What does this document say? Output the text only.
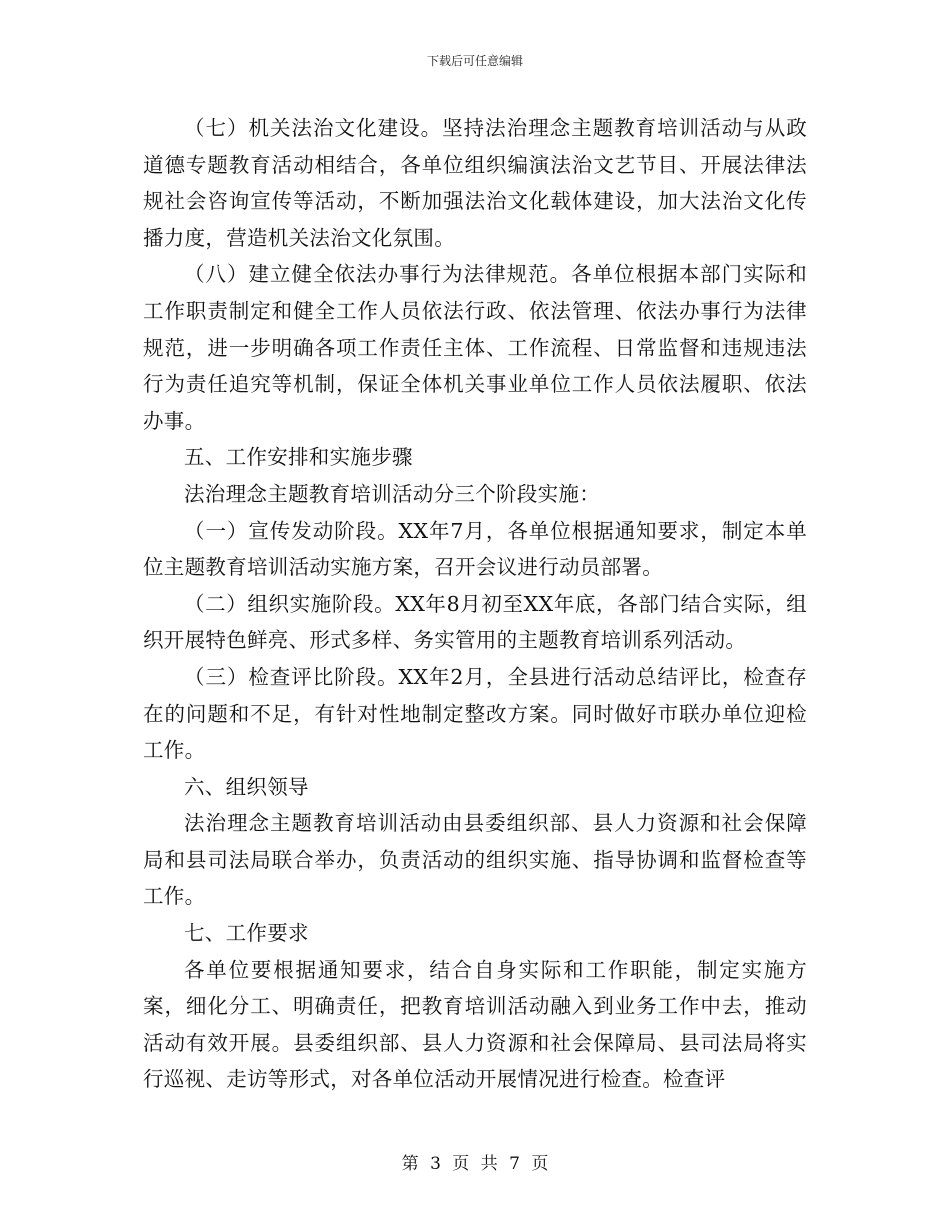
下载后可任意编辑

（七）机关法治文化建设。坚持法治理念主题教育培训活动与从政道德专题教育活动相结合，各单位组织编演法治文艺节目、开展法律法规社会咨询宣传等活动，不断加强法治文化载体建设，加大法治文化传播力度，营造机关法治文化氛围。

（八）建立健全依法办事行为法律规范。各单位根据本部门实际和工作职责制定和健全工作人员依法行政、依法管理、依法办事行为法律规范，进一步明确各项工作责任主体、工作流程、日常监督和违规违法行为责任追究等机制，保证全体机关事业单位工作人员依法履职、依法办事。

五、工作安排和实施步骤

法治理念主题教育培训活动分三个阶段实施：

（一）宣传发动阶段。XX年7月，各单位根据通知要求，制定本单位主题教育培训活动实施方案，召开会议进行动员部署。

（二）组织实施阶段。XX年8月初至XX年底，各部门结合实际，组织开展特色鲜亮、形式多样、务实管用的主题教育培训系列活动。

（三）检查评比阶段。XX年2月，全县进行活动总结评比，检查存在的问题和不足，有针对性地制定整改方案。同时做好市联办单位迎检工作。

六、组织领导

法治理念主题教育培训活动由县委组织部、县人力资源和社会保障局和县司法局联合举办，负责活动的组织实施、指导协调和监督检查等工作。

七、工作要求

各单位要根据通知要求，结合自身实际和工作职能，制定实施方案，细化分工、明确责任，把教育培训活动融入到业务工作中去，推动活动有效开展。县委组织部、县人力资源和社会保障局、县司法局将实行巡视、走访等形式，对各单位活动开展情况进行检查。检查评

第 3 页 共 7 页
